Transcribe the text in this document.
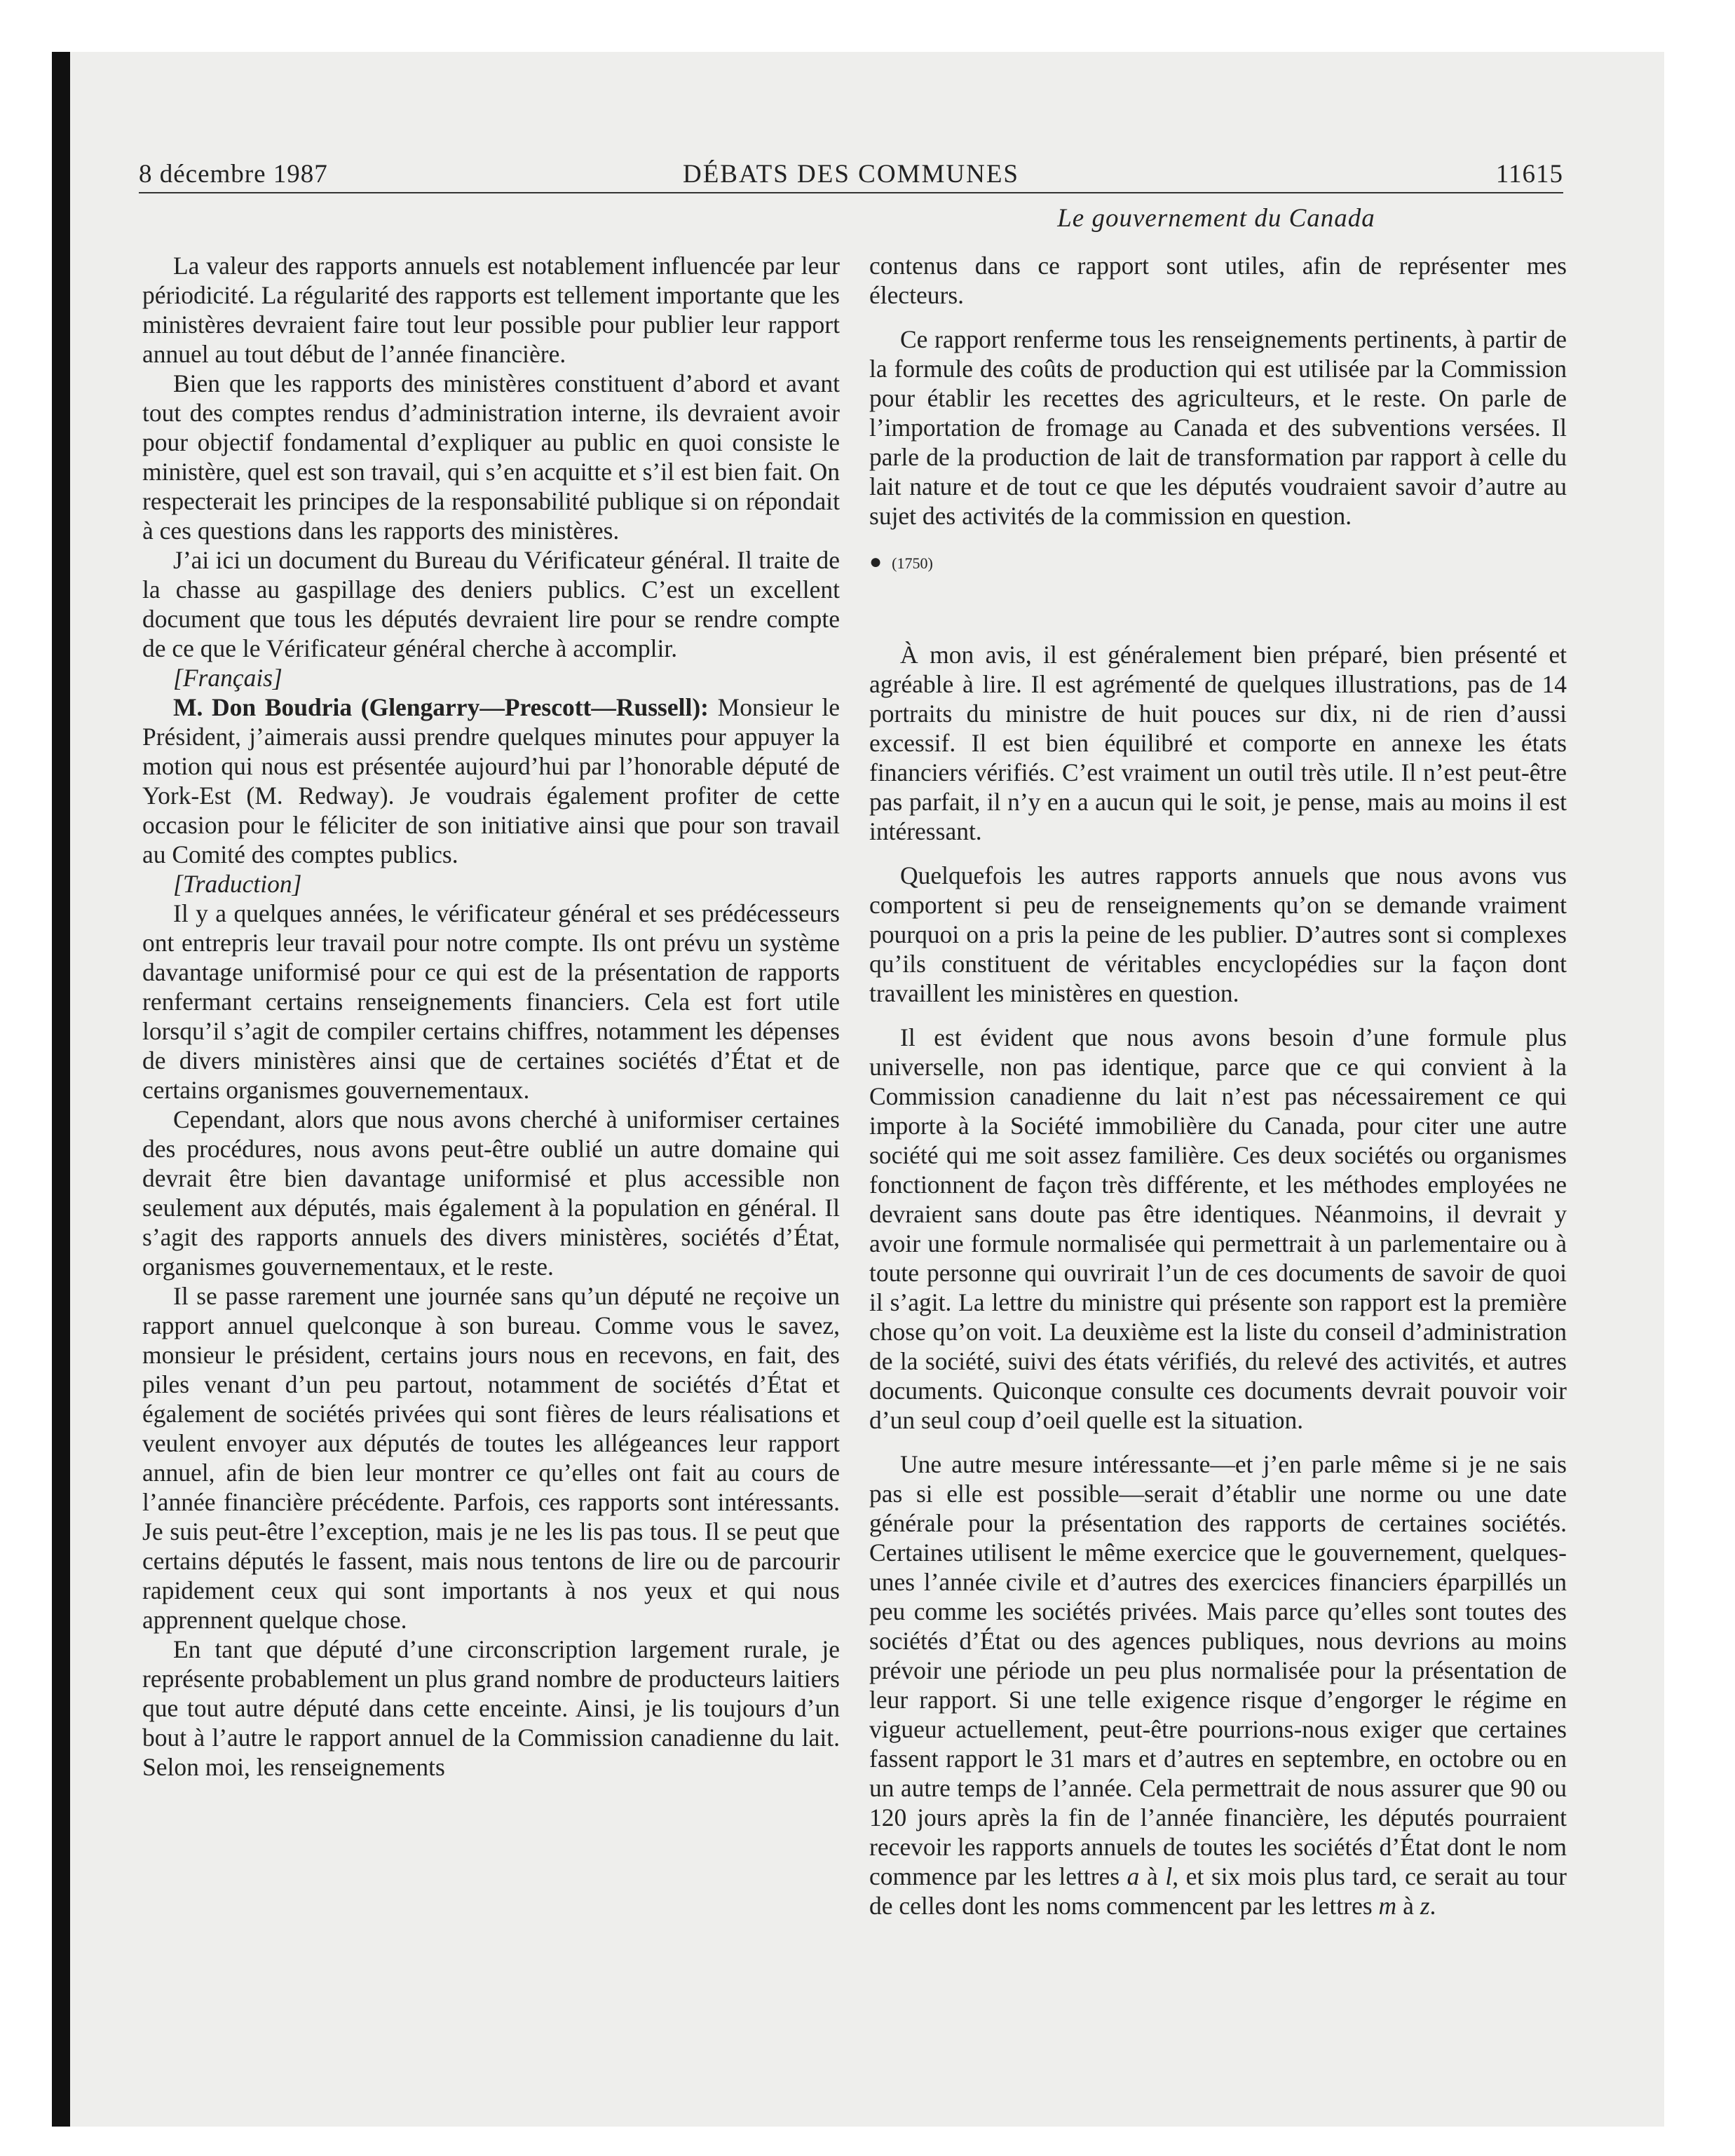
8 décembre 1987	DÉBATS DES COMMUNES	11615
Le gouvernement du Canada

La valeur des rapports annuels est notablement influencée par leur périodicité. La régularité des rapports est tellement importante que les ministères devraient faire tout leur possible pour publier leur rapport annuel au tout début de l’année financière.

Bien que les rapports des ministères constituent d’abord et avant tout des comptes rendus d’administration interne, ils devraient avoir pour objectif fondamental d’expliquer au public en quoi consiste le ministère, quel est son travail, qui s’en acquitte et s’il est bien fait. On respecterait les principes de la responsabilité publique si on répondait à ces questions dans les rapports des ministères.

J’ai ici un document du Bureau du Vérificateur général. Il traite de la chasse au gaspillage des deniers publics. C’est un excellent document que tous les députés devraient lire pour se rendre compte de ce que le Vérificateur général cherche à accomplir.

[Français]

M. Don Boudria (Glengarry—Prescott—Russell): Monsieur le Président, j’aimerais aussi prendre quelques minutes pour appuyer la motion qui nous est présentée aujourd’hui par l’honorable député de York-Est (M. Redway). Je voudrais également profiter de cette occasion pour le féliciter de son initiative ainsi que pour son travail au Comité des comptes publics.

[Traduction]

Il y a quelques années, le vérificateur général et ses prédécesseurs ont entrepris leur travail pour notre compte. Ils ont prévu un système davantage uniformisé pour ce qui est de la présentation de rapports renfermant certains renseignements financiers. Cela est fort utile lorsqu’il s’agit de compiler certains chiffres, notamment les dépenses de divers ministères ainsi que de certaines sociétés d’État et de certains organismes gouvernementaux.

Cependant, alors que nous avons cherché à uniformiser certaines des procédures, nous avons peut-être oublié un autre domaine qui devrait être bien davantage uniformisé et plus accessible non seulement aux députés, mais également à la population en général. Il s’agit des rapports annuels des divers ministères, sociétés d’État, organismes gouvernementaux, et le reste.

Il se passe rarement une journée sans qu’un député ne reçoive un rapport annuel quelconque à son bureau. Comme vous le savez, monsieur le président, certains jours nous en recevons, en fait, des piles venant d’un peu partout, notamment de sociétés d’État et également de sociétés privées qui sont fières de leurs réalisations et veulent envoyer aux députés de toutes les allégeances leur rapport annuel, afin de bien leur montrer ce qu’elles ont fait au cours de l’année financière précédente. Parfois, ces rapports sont intéressants. Je suis peut-être l’exception, mais je ne les lis pas tous. Il se peut que certains députés le fassent, mais nous tentons de lire ou de parcourir rapidement ceux qui sont importants à nos yeux et qui nous apprennent quelque chose.

En tant que député d’une circonscription largement rurale, je représente probablement un plus grand nombre de producteurs laitiers que tout autre député dans cette enceinte. Ainsi, je lis toujours d’un bout à l’autre le rapport annuel de la Commission canadienne du lait. Selon moi, les renseignements

contenus dans ce rapport sont utiles, afin de représenter mes électeurs.

Ce rapport renferme tous les renseignements pertinents, à partir de la formule des coûts de production qui est utilisée par la Commission pour établir les recettes des agriculteurs, et le reste. On parle de l’importation de fromage au Canada et des subventions versées. Il parle de la production de lait de transformation par rapport à celle du lait nature et de tout ce que les députés voudraient savoir d’autre au sujet des activités de la commission en question.

● (1750)

À mon avis, il est généralement bien préparé, bien présenté et agréable à lire. Il est agrémenté de quelques illustrations, pas de 14 portraits du ministre de huit pouces sur dix, ni de rien d’aussi excessif. Il est bien équilibré et comporte en annexe les états financiers vérifiés. C’est vraiment un outil très utile. Il n’est peut-être pas parfait, il n’y en a aucun qui le soit, je pense, mais au moins il est intéressant.

Quelquefois les autres rapports annuels que nous avons vus comportent si peu de renseignements qu’on se demande vraiment pourquoi on a pris la peine de les publier. D’autres sont si complexes qu’ils constituent de véritables encyclopédies sur la façon dont travaillent les ministères en question.

Il est évident que nous avons besoin d’une formule plus universelle, non pas identique, parce que ce qui convient à la Commission canadienne du lait n’est pas nécessairement ce qui importe à la Société immobilière du Canada, pour citer une autre société qui me soit assez familière. Ces deux sociétés ou organismes fonctionnent de façon très différente, et les méthodes employées ne devraient sans doute pas être identiques. Néanmoins, il devrait y avoir une formule normalisée qui permettrait à un parlementaire ou à toute personne qui ouvrirait l’un de ces documents de savoir de quoi il s’agit. La lettre du ministre qui présente son rapport est la première chose qu’on voit. La deuxième est la liste du conseil d’administration de la société, suivi des états vérifiés, du relevé des activités, et autres documents. Quiconque consulte ces documents devrait pouvoir voir d’un seul coup d’oeil quelle est la situation.

Une autre mesure intéressante—et j’en parle même si je ne sais pas si elle est possible—serait d’établir une norme ou une date générale pour la présentation des rapports de certaines sociétés. Certaines utilisent le même exercice que le gouvernement, quelques-unes l’année civile et d’autres des exercices financiers éparpillés un peu comme les sociétés privées. Mais parce qu’elles sont toutes des sociétés d’État ou des agences publiques, nous devrions au moins prévoir une période un peu plus normalisée pour la présentation de leur rapport. Si une telle exigence risque d’engorger le régime en vigueur actuellement, peut-être pourrions-nous exiger que certaines fassent rapport le 31 mars et d’autres en septembre, en octobre ou en un autre temps de l’année. Cela permettrait de nous assurer que 90 ou 120 jours après la fin de l’année financière, les députés pourraient recevoir les rapports annuels de toutes les sociétés d’État dont le nom commence par les lettres a à l, et six mois plus tard, ce serait au tour de celles dont les noms commencent par les lettres m à z.
